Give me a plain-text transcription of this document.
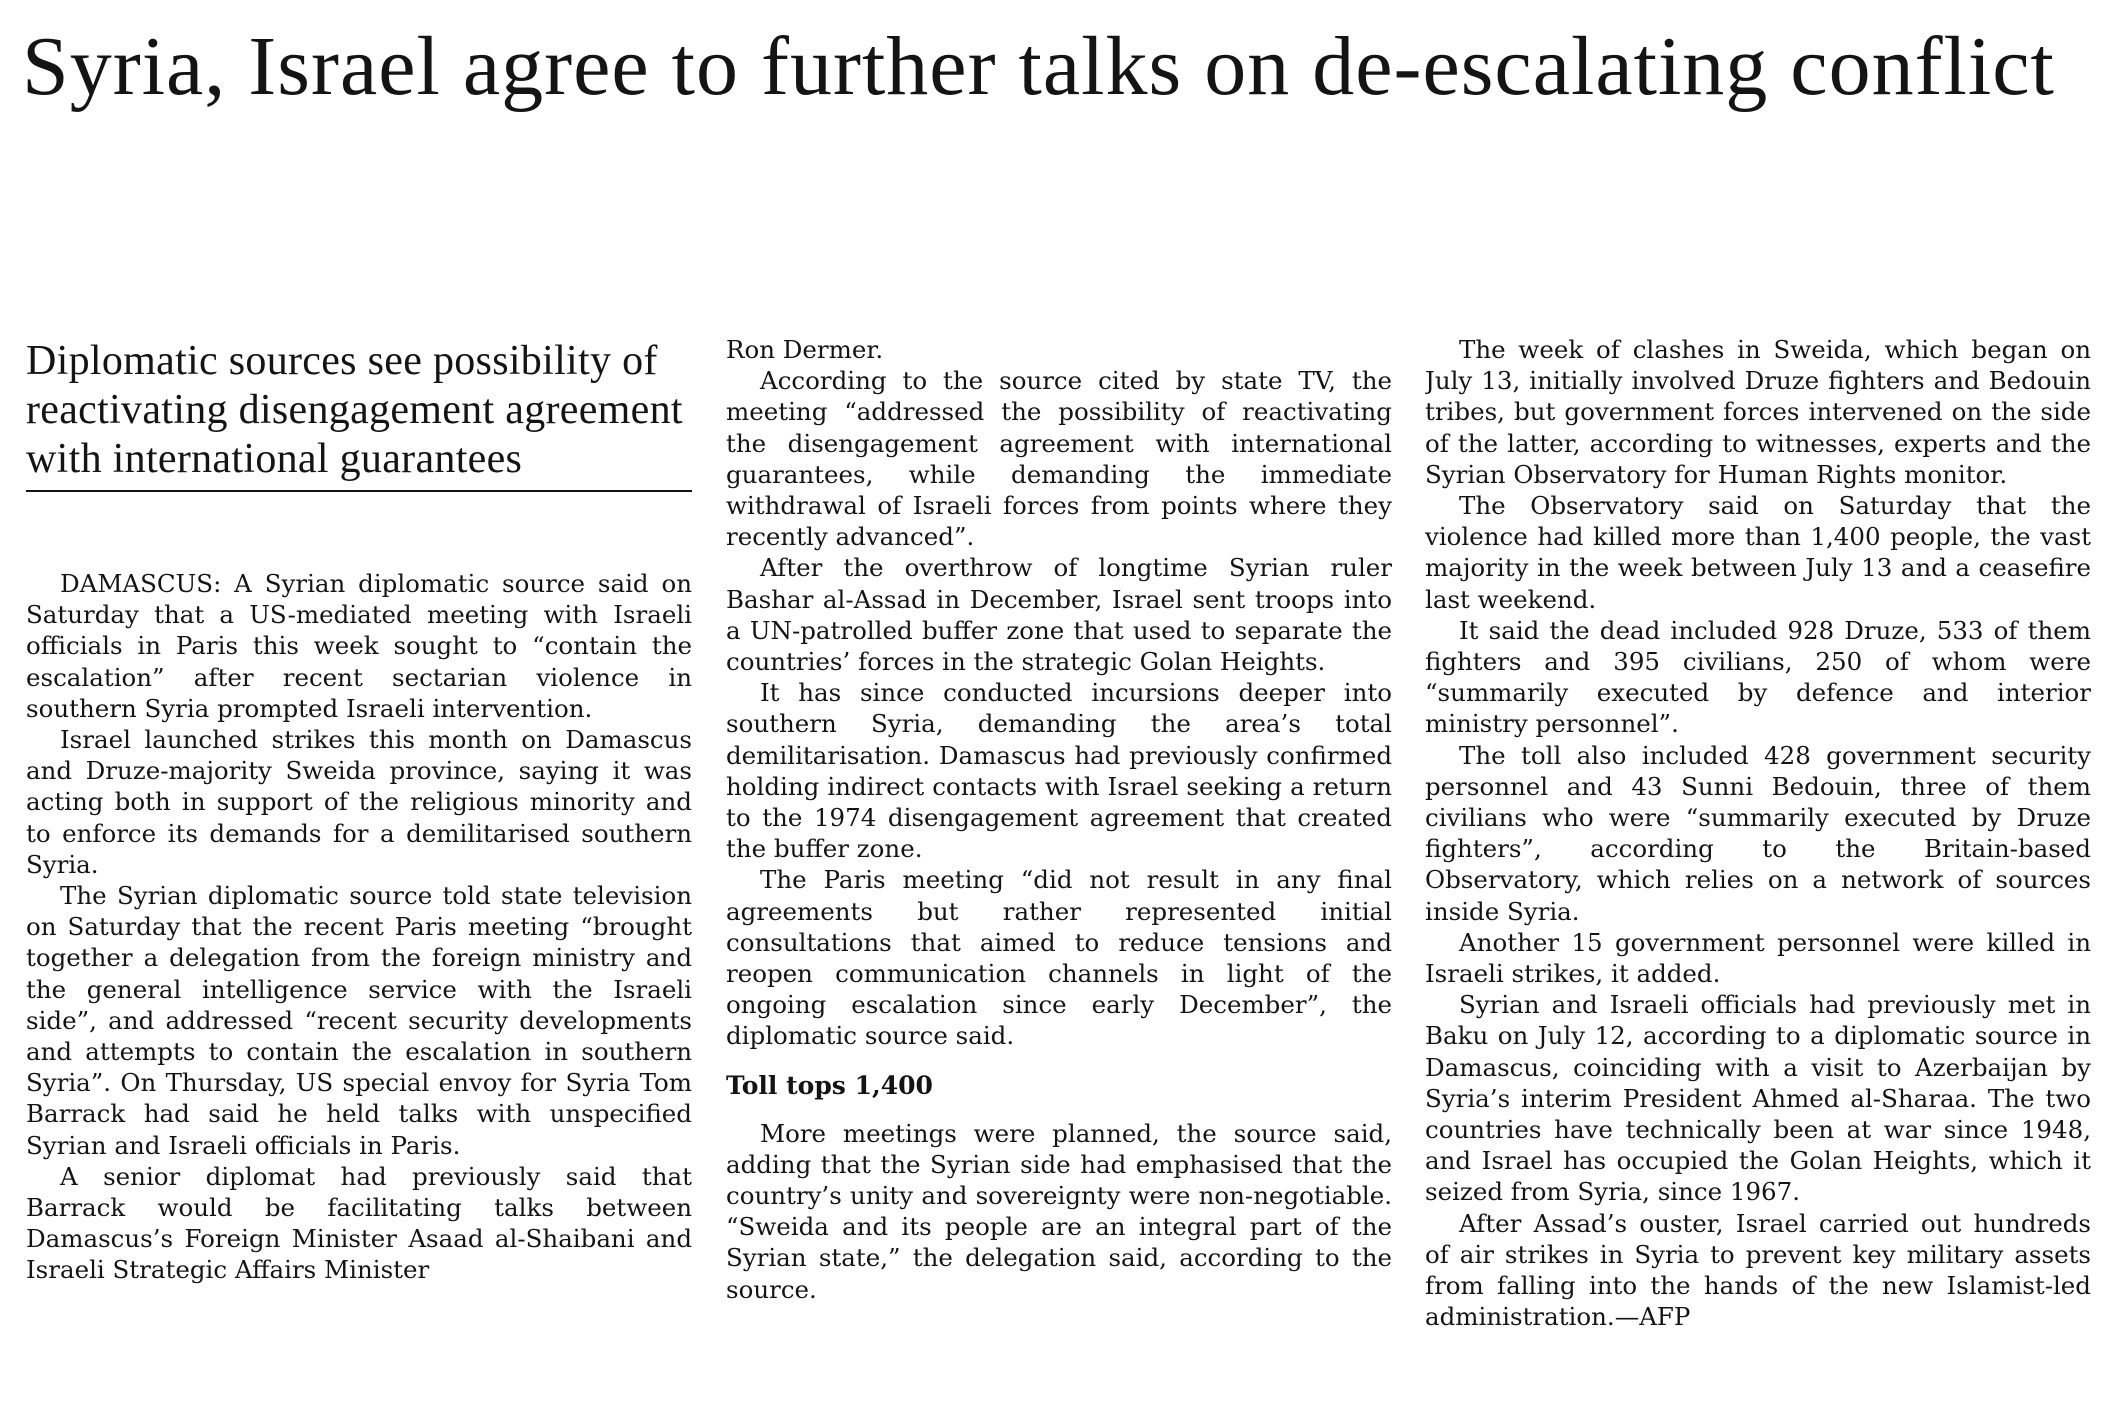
Syria, Israel agree to further talks on de-escalating conflict
Diplomatic sources see possibility of reactivating disengagement agreement with international guarantees

DAMASCUS: A Syrian diplomatic source said on Saturday that a US-mediated meeting with Israeli officials in Paris this week sought to “contain the escalation” after recent sectarian violence in southern Syria prompted Israeli intervention.

Israel launched strikes this month on Damascus and Druze-majority Sweida province, saying it was acting both in support of the religious minority and to enforce its demands for a demilitarised southern Syria.

The Syrian diplomatic source told state television on Saturday that the recent Paris meeting “brought together a delegation from the foreign ministry and the general intelligence service with the Israeli side”, and addressed “recent security developments and attempts to contain the escalation in southern Syria”. On Thursday, US special envoy for Syria Tom Barrack had said he held talks with unspecified Syrian and Israeli officials in Paris.

A senior diplomat had previously said that Barrack would be facilitating talks between Damascus’s Foreign Minister Asaad al-Shaibani and Israeli Strategic Affairs Minister

Ron Dermer.

According to the source cited by state TV, the meeting “addressed the possibility of reactivating the disengagement agreement with international guarantees, while demanding the immediate withdrawal of Israeli forces from points where they recently advanced”.

After the overthrow of longtime Syrian ruler Bashar al-Assad in December, Israel sent troops into a UN-patrolled buffer zone that used to separate the countries’ forces in the strategic Golan Heights.

It has since conducted incursions deeper into southern Syria, demanding the area’s total demilitarisation. Damascus had previously confirmed holding indirect contacts with Israel seeking a return to the 1974 disengagement agreement that created the buffer zone.

The Paris meeting “did not result in any final agreements but rather represented initial consultations that aimed to reduce tensions and reopen communication channels in light of the ongoing escalation since early December”, the diplomatic source said.

Toll tops 1,400

More meetings were planned, the source said, adding that the Syrian side had emphasised that the country’s unity and sovereignty were non-negotiable. “Sweida and its people are an integral part of the Syrian state,” the delegation said, according to the source.

The week of clashes in Sweida, which began on July 13, initially involved Druze fighters and Bedouin tribes, but government forces intervened on the side of the latter, according to witnesses, experts and the Syrian Observatory for Human Rights monitor.

The Observatory said on Saturday that the violence had killed more than 1,400 people, the vast majority in the week between July 13 and a ceasefire last weekend.

It said the dead included 928 Druze, 533 of them fighters and 395 civilians, 250 of whom were “summarily executed by defence and interior ministry personnel”.

The toll also included 428 government security personnel and 43 Sunni Bedouin, three of them civilians who were “summarily executed by Druze fighters”, according to the Britain-based Observatory, which relies on a network of sources inside Syria.

Another 15 government personnel were killed in Israeli strikes, it added.

Syrian and Israeli officials had previously met in Baku on July 12, according to a diplomatic source in Damascus, coinciding with a visit to Azerbaijan by Syria’s interim President Ahmed al-Sharaa. The two countries have technically been at war since 1948, and Israel has occupied the Golan Heights, which it seized from Syria, since 1967.

After Assad’s ouster, Israel carried out hundreds of air strikes in Syria to prevent key military assets from falling into the hands of the new Islamist-led administration.—AFP
